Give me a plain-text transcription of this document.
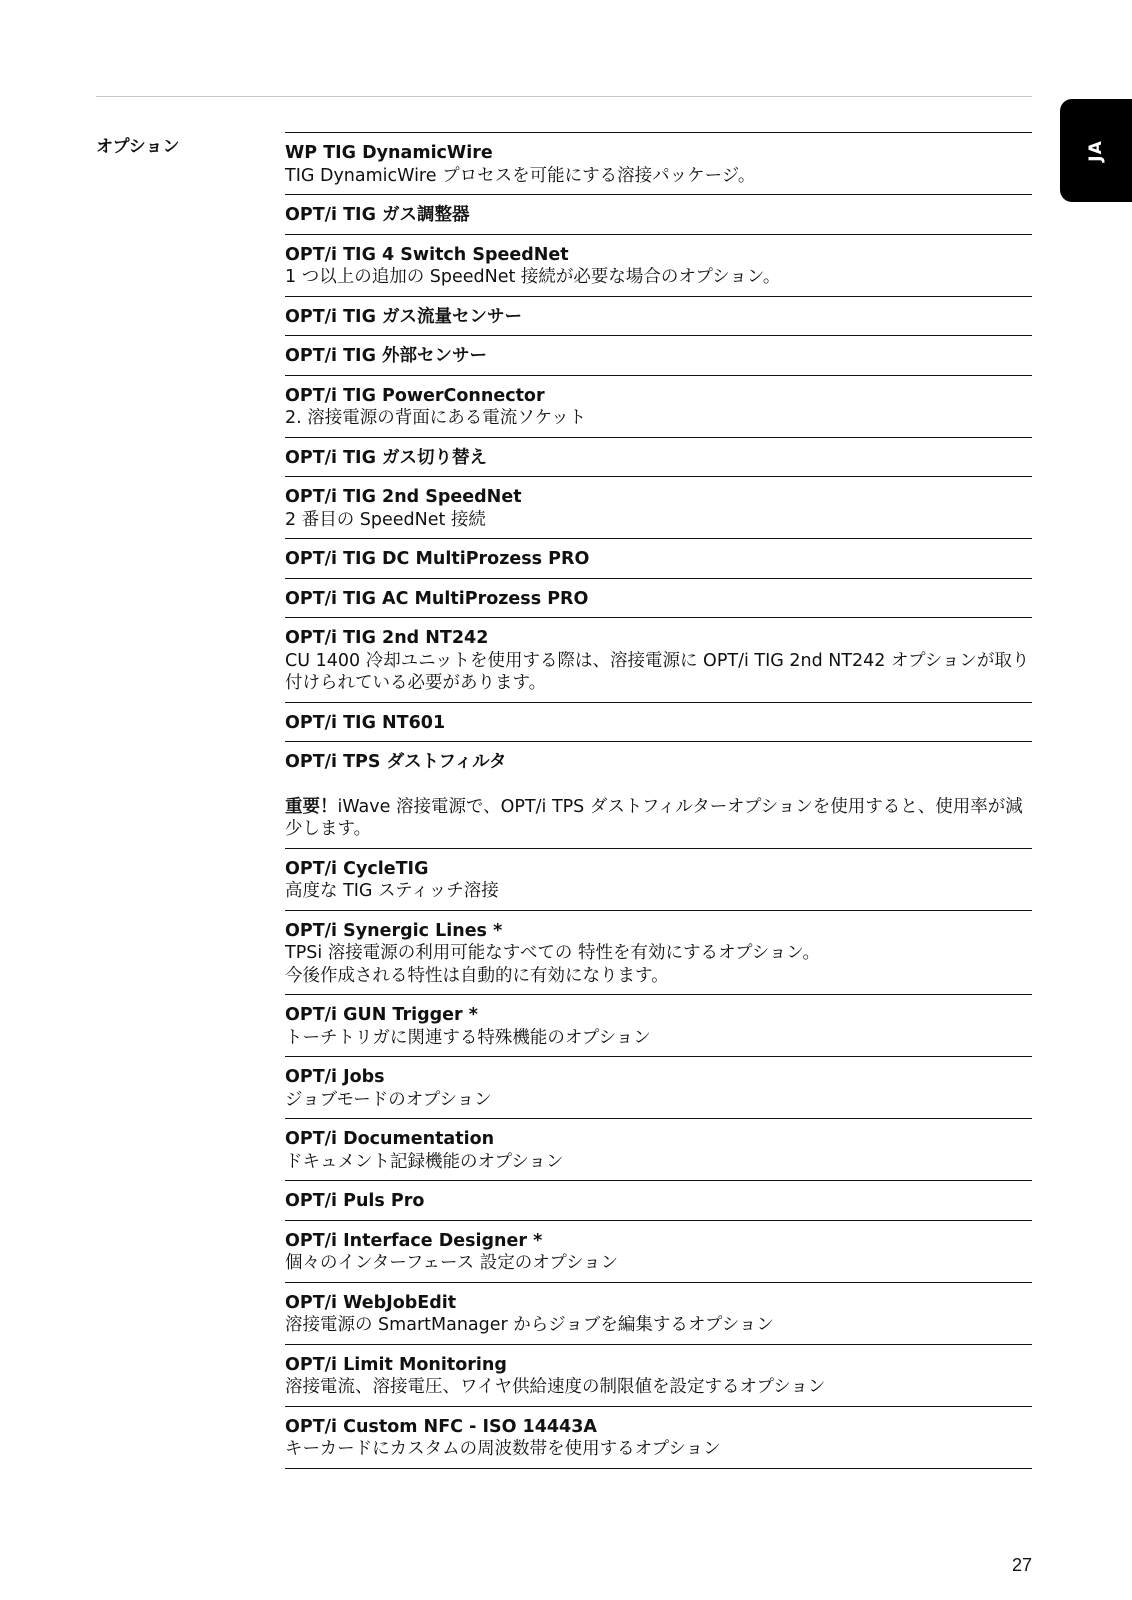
JA
オプション	WP TIG DynamicWire
TIG DynamicWire プロセスを可能にする溶接パッケージ。
OPT/i TIG ガス調整器
OPT/i TIG 4 Switch SpeedNet
1 つ以上の追加の SpeedNet 接続が必要な場合のオプション。
OPT/i TIG ガス流量センサー
OPT/i TIG 外部センサー
OPT/i TIG PowerConnector
2. 溶接電源の背面にある電流ソケット
OPT/i TIG ガス切り替え
OPT/i TIG 2nd SpeedNet
2 番目の SpeedNet 接続
OPT/i TIG DC MultiProzess PRO
OPT/i TIG AC MultiProzess PRO
OPT/i TIG 2nd NT242
CU 1400 冷却ユニットを使用する際は、溶接電源に OPT/i TIG 2nd NT242 オプションが取り付けられている必要があります。
OPT/i TIG NT601
OPT/i TPS ダストフィルタ
重要！iWave 溶接電源で、OPT/i TPS ダストフィルターオプションを使用すると、使用率が減少します。
OPT/i CycleTIG
高度な TIG スティッチ溶接
OPT/i Synergic Lines *
TPSi 溶接電源の利用可能なすべての 特性を有効にするオプション。
今後作成される特性は自動的に有効になります。
OPT/i GUN Trigger *
トーチトリガに関連する特殊機能のオプション
OPT/i Jobs
ジョブモードのオプション
OPT/i Documentation
ドキュメント記録機能のオプション
OPT/i Puls Pro
OPT/i Interface Designer *
個々のインターフェース 設定のオプション
OPT/i WebJobEdit
溶接電源の SmartManager からジョブを編集するオプション
OPT/i Limit Monitoring
溶接電流、溶接電圧、ワイヤ供給速度の制限値を設定するオプション
OPT/i Custom NFC - ISO 14443A
キーカードにカスタムの周波数帯を使用するオプション
27
